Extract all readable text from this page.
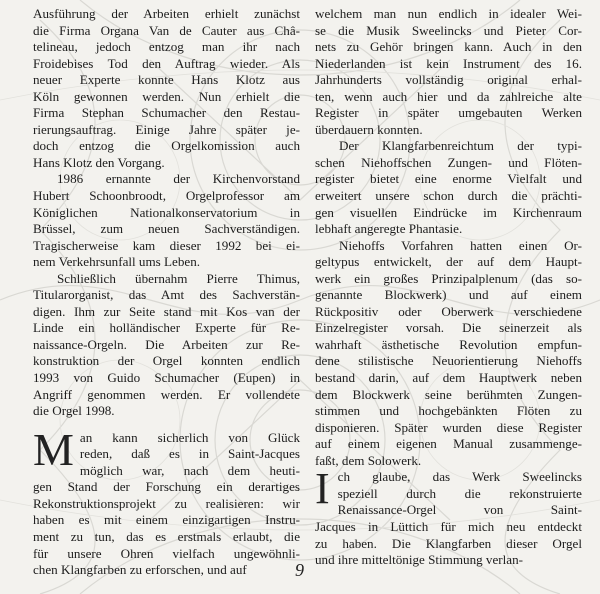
Ausführung der Arbeiten erhielt zunächst
die Firma Organa Van de Cauter aus Châ-
telineau, jedoch entzog man ihr nach
Froidebises Tod den Auftrag wieder. Als
neuer Experte konnte Hans Klotz aus
Köln gewonnen werden. Nun erhielt die
Firma Stephan Schumacher den Restau-
rierungsauftrag. Einige Jahre später je-
doch entzog die Orgelkomission auch
Hans Klotz den Vorgang.

1986 ernannte der Kirchenvorstand
Hubert Schoonbroodt, Orgelprofessor am
Königlichen Nationalkonservatorium in
Brüssel, zum neuen Sachverständigen.
Tragischerweise kam dieser 1992 bei ei-
nem Verkehrsunfall ums Leben.

Schließlich übernahm Pierre Thimus,
Titularorganist, das Amt des Sachverstän-
digen. Ihm zur Seite stand mit Kos van der
Linde ein holländischer Experte für Re-
naissance-Orgeln. Die Arbeiten zur Re-
konstruktion der Orgel konnten endlich
1993 von Guido Schumacher (Eupen) in
Angriff genommen werden. Er vollendete
die Orgel 1998.

M an kann sicherlich von Glück
reden, daß es in Saint-Jacques
möglich war, nach dem heuti-
gen Stand der Forschung ein derartiges
Rekonstruktionsprojekt zu realisieren: wir
haben es mit einem einzigartigen Instru-
ment zu tun, das es erstmals erlaubt, die
für unsere Ohren vielfach ungewöhnli-
chen Klangfarben zu erforschen, und auf

welchem man nun endlich in idealer Wei-
se die Musik Sweelincks und Pieter Cor-
nets zu Gehör bringen kann. Auch in den
Niederlanden ist kein Instrument des 16.
Jahrhunderts vollständig original erhal-
ten, wenn auch hier und da zahlreiche alte
Register in später umgebauten Werken
überdauern konnten.

Der Klangfarbenreichtum der typi-
schen Niehoffschen Zungen- und Flöten-
register bietet eine enorme Vielfalt und
erweitert unsere schon durch die prächti-
gen visuellen Eindrücke im Kirchenraum
lebhaft angeregte Phantasie.

Niehoffs Vorfahren hatten einen Or-
geltypus entwickelt, der auf dem Haupt-
werk ein großes Prinzipalplenum (das so-
genannte Blockwerk) und auf einem
Rückpositiv oder Oberwerk verschiedene
Einzelregister vorsah. Die seinerzeit als
wahrhaft ästhetische Revolution empfun-
dene stilistische Neuorientierung Niehoffs
bestand darin, auf dem Hauptwerk neben
dem Blockwerk seine berühmten Zungen-
stimmen und hochgebänkten Flöten zu
disponieren. Später wurden diese Register
auf einem eigenen Manual zusammenge-
faßt, dem Solowerk.

I ch glaube, das Werk Sweelincks
speziell durch die rekonstruierte
Renaissance-Orgel von Saint-
Jacques in Lüttich für mich neu entdeckt
zu haben. Die Klangfarben dieser Orgel
und ihre mitteltönige Stimmung verlan-

9
